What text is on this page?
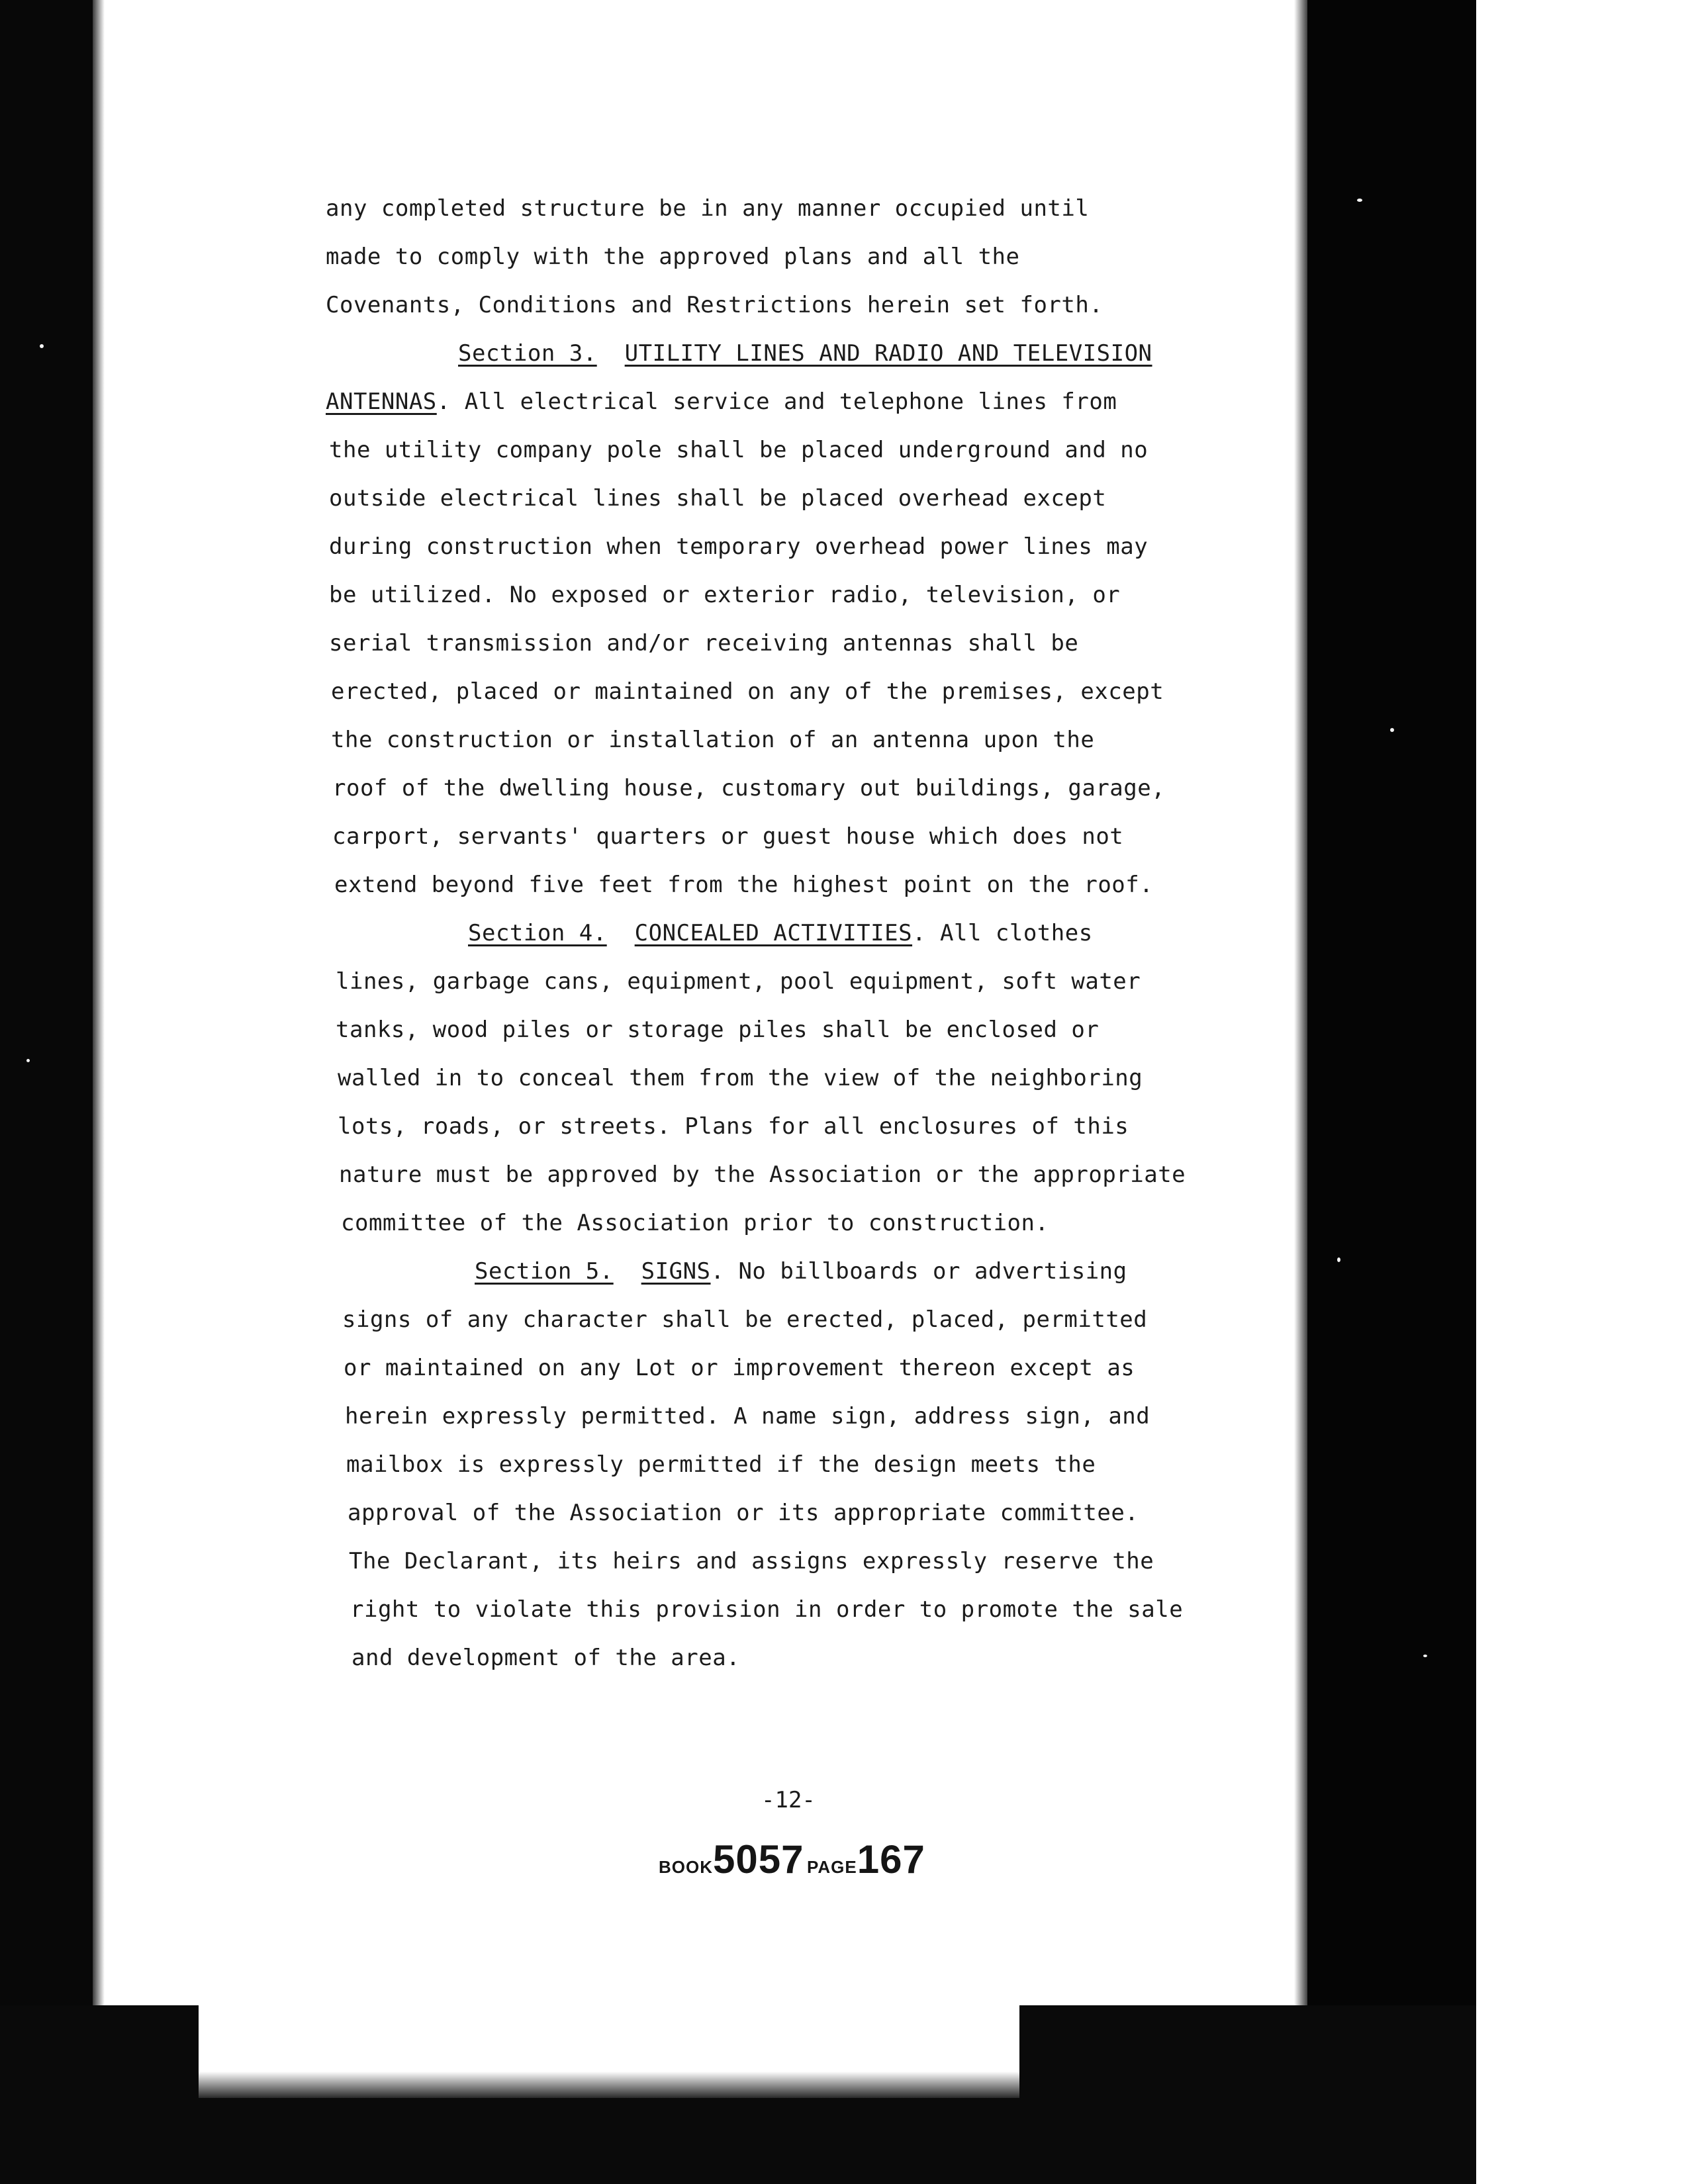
any completed structure be in any manner occupied until
made to comply with the approved plans and all the
Covenants, Conditions and Restrictions herein set forth.
Section 3. UTILITY LINES AND RADIO AND TELEVISION
ANTENNAS. All electrical service and telephone lines from
the utility company pole shall be placed underground and no
outside electrical lines shall be placed overhead except
during construction when temporary overhead power lines may
be utilized. No exposed or exterior radio, television, or
serial transmission and/or receiving antennas shall be
erected, placed or maintained on any of the premises, except
the construction or installation of an antenna upon the
roof of the dwelling house, customary out buildings, garage,
carport, servants' quarters or guest house which does not
extend beyond five feet from the highest point on the roof.
Section 4. CONCEALED ACTIVITIES. All clothes
lines, garbage cans, equipment, pool equipment, soft water
tanks, wood piles or storage piles shall be enclosed or
walled in to conceal them from the view of the neighboring
lots, roads, or streets. Plans for all enclosures of this
nature must be approved by the Association or the appropriate
committee of the Association prior to construction.
Section 5. SIGNS. No billboards or advertising
signs of any character shall be erected, placed, permitted
or maintained on any Lot or improvement thereon except as
herein expressly permitted. A name sign, address sign, and
mailbox is expressly permitted if the design meets the
approval of the Association or its appropriate committee.
The Declarant, its heirs and assigns expressly reserve the
right to violate this provision in order to promote the sale
and development of the area.
-12-
BOOK5057 PAGE167
